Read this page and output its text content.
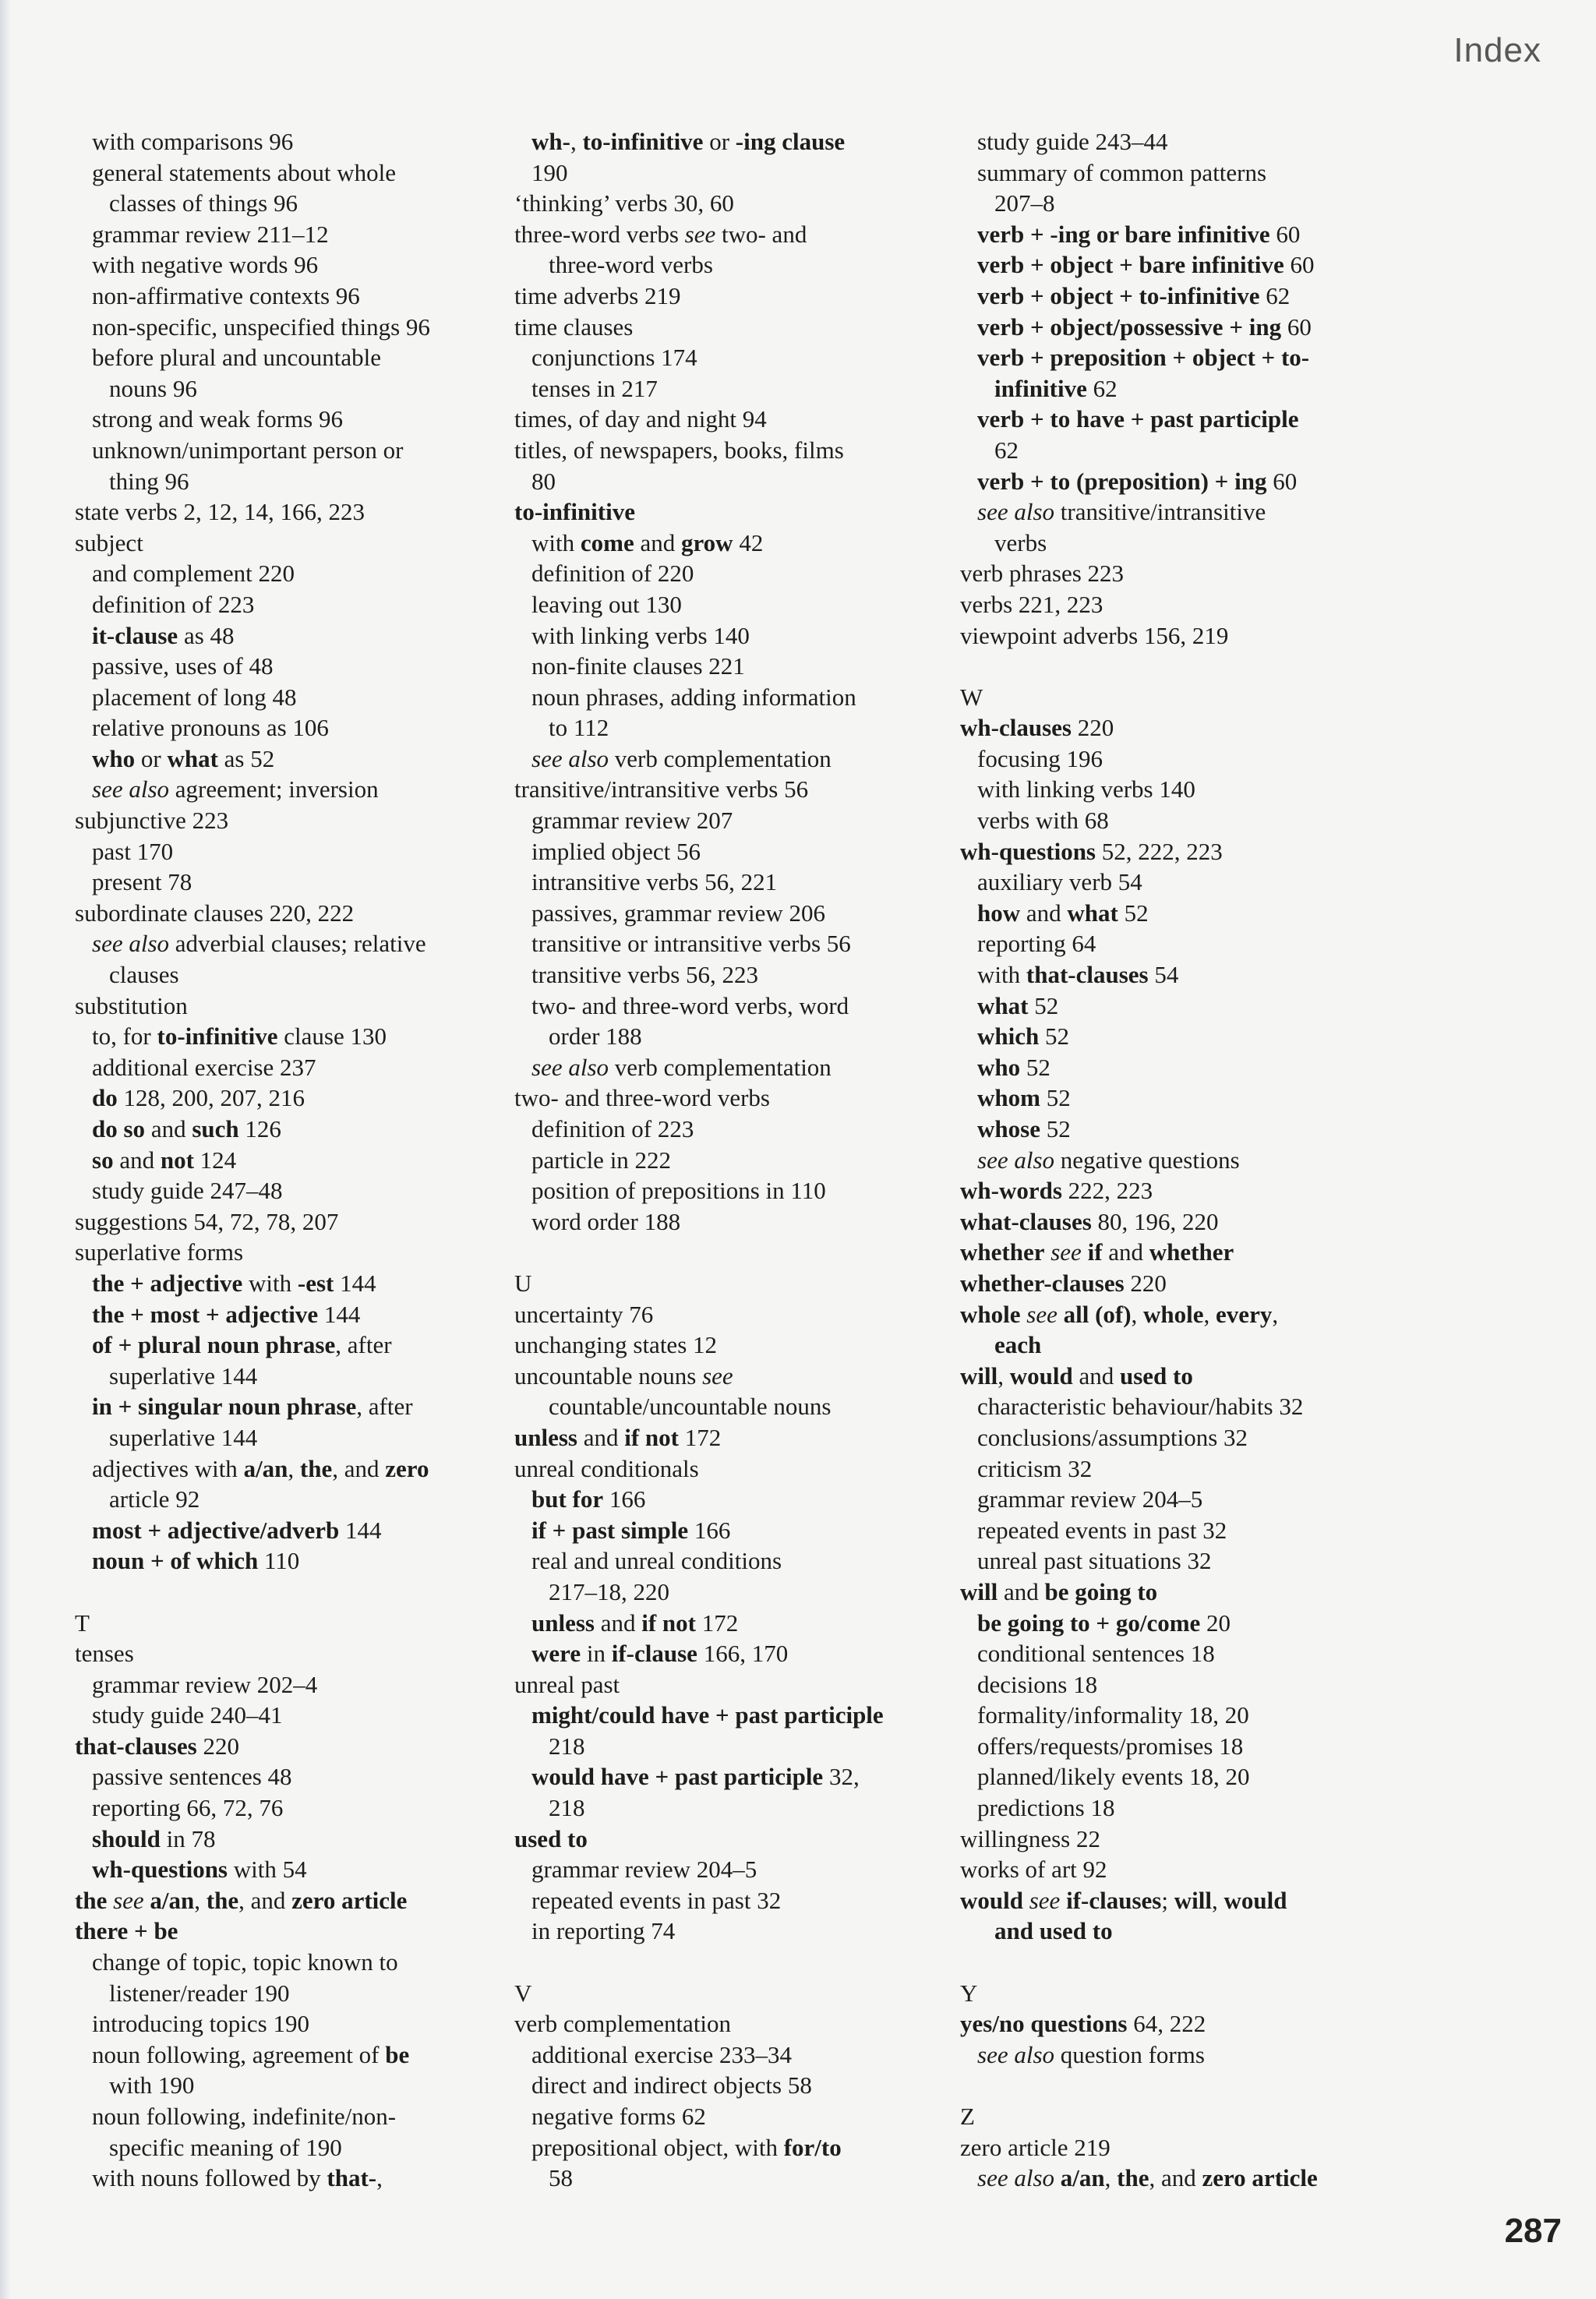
Index
with comparisons 96
general statements about whole
classes of things 96
grammar review 211–12
with negative words 96
non-affirmative contexts 96
non-specific, unspecified things 96
before plural and uncountable
nouns 96
strong and weak forms 96
unknown/unimportant person or
thing 96
state verbs 2, 12, 14, 166, 223
subject
and complement 220
definition of 223
it-clause as 48
passive, uses of 48
placement of long 48
relative pronouns as 106
who or what as 52
see also agreement; inversion
subjunctive 223
past 170
present 78
subordinate clauses 220, 222
see also adverbial clauses; relative
clauses
substitution
to, for to-infinitive clause 130
additional exercise 237
do 128, 200, 207, 216
do so and such 126
so and not 124
study guide 247–48
suggestions 54, 72, 78, 207
superlative forms
the + adjective with -est 144
the + most + adjective 144
of + plural noun phrase, after
superlative 144
in + singular noun phrase, after
superlative 144
adjectives with a/an, the, and zero
article 92
most + adjective/adverb 144
noun + of which 110
T
tenses
grammar review 202–4
study guide 240–41
that-clauses 220
passive sentences 48
reporting 66, 72, 76
should in 78
wh-questions with 54
the see a/an, the, and zero article
there + be
change of topic, topic known to
listener/reader 190
introducing topics 190
noun following, agreement of be
with 190
noun following, indefinite/non-
specific meaning of 190
with nouns followed by that-,
wh-, to-infinitive or -ing clause
190
‘thinking’ verbs 30, 60
three-word verbs see two- and
three-word verbs
time adverbs 219
time clauses
conjunctions 174
tenses in 217
times, of day and night 94
titles, of newspapers, books, films
80
to-infinitive
with come and grow 42
definition of 220
leaving out 130
with linking verbs 140
non-finite clauses 221
noun phrases, adding information
to 112
see also verb complementation
transitive/intransitive verbs 56
grammar review 207
implied object 56
intransitive verbs 56, 221
passives, grammar review 206
transitive or intransitive verbs 56
transitive verbs 56, 223
two- and three-word verbs, word
order 188
see also verb complementation
two- and three-word verbs
definition of 223
particle in 222
position of prepositions in 110
word order 188
U
uncertainty 76
unchanging states 12
uncountable nouns see
countable/uncountable nouns
unless and if not 172
unreal conditionals
but for 166
if + past simple 166
real and unreal conditions
217–18, 220
unless and if not 172
were in if-clause 166, 170
unreal past
might/could have + past participle
218
would have + past participle 32,
218
used to
grammar review 204–5
repeated events in past 32
in reporting 74
V
verb complementation
additional exercise 233–34
direct and indirect objects 58
negative forms 62
prepositional object, with for/to
58
study guide 243–44
summary of common patterns
207–8
verb + -ing or bare infinitive 60
verb + object + bare infinitive 60
verb + object + to-infinitive 62
verb + object/possessive + ing 60
verb + preposition + object + to-
infinitive 62
verb + to have + past participle
62
verb + to (preposition) + ing 60
see also transitive/intransitive
verbs
verb phrases 223
verbs 221, 223
viewpoint adverbs 156, 219
W
wh-clauses 220
focusing 196
with linking verbs 140
verbs with 68
wh-questions 52, 222, 223
auxiliary verb 54
how and what 52
reporting 64
with that-clauses 54
what 52
which 52
who 52
whom 52
whose 52
see also negative questions
wh-words 222, 223
what-clauses 80, 196, 220
whether see if and whether
whether-clauses 220
whole see all (of), whole, every,
each
will, would and used to
characteristic behaviour/habits 32
conclusions/assumptions 32
criticism 32
grammar review 204–5
repeated events in past 32
unreal past situations 32
will and be going to
be going to + go/come 20
conditional sentences 18
decisions 18
formality/informality 18, 20
offers/requests/promises 18
planned/likely events 18, 20
predictions 18
willingness 22
works of art 92
would see if-clauses; will, would
and used to
Y
yes/no questions 64, 222
see also question forms
Z
zero article 219
see also a/an, the, and zero article
287
